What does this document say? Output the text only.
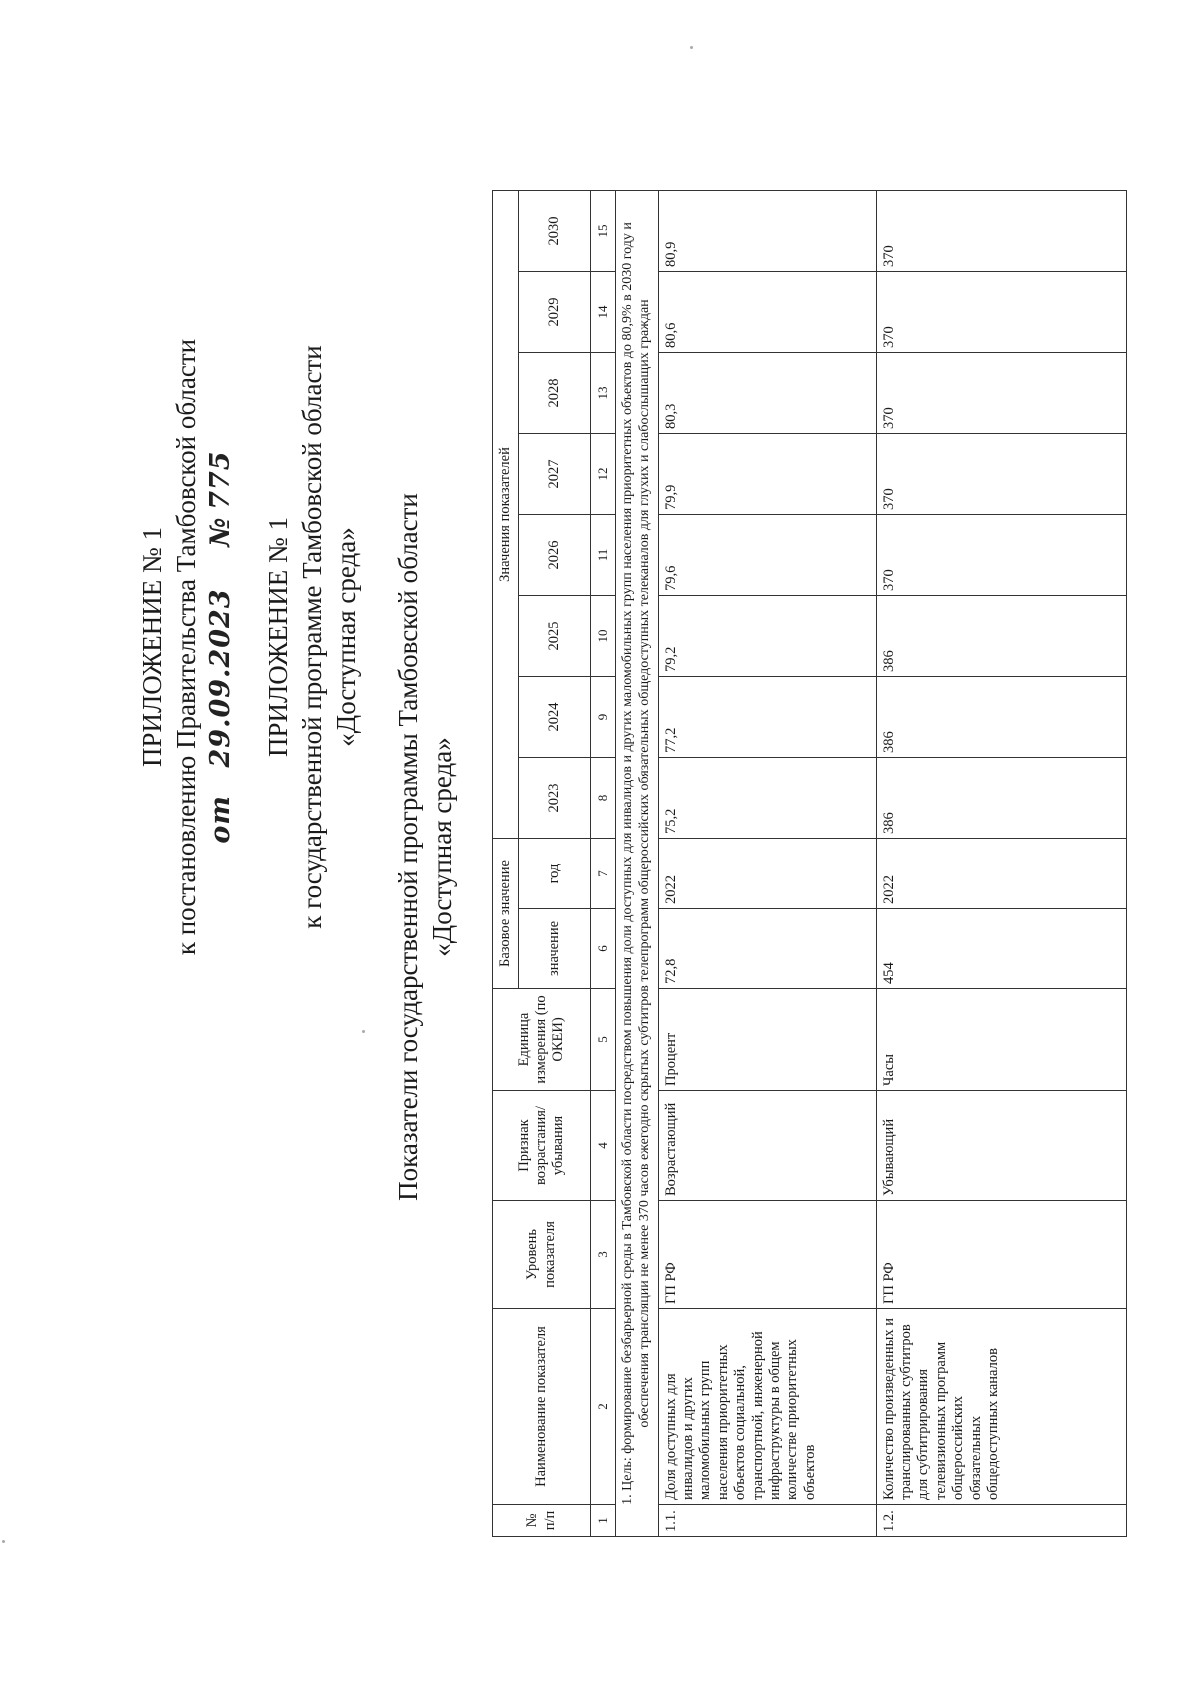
ПРИЛОЖЕНИЕ № 1 к постановлению Правительства Тамбовской области от  29.09.2023  № 775
ПРИЛОЖЕНИЕ № 1 к государственной программе Тамбовской области «Доступная среда» Показатели государственной программы Тамбовской области «Доступная среда»
№ п/п	Наименование показателя	Уровень показателя	Признак возрастания/ убывания	Единица измерения (по ОКЕИ)	Базовое значение		Значения показателей							
					значение	год	2023	2024	2025	2026	2027	2028	2029	2030
1	2	3	4	5	6	7	8	9	10	11	12	13	14	15
1. Цель: формирование безбарьерной среды в Тамбовской области посредством повышения доли доступных для инвалидов и других маломобильных групп населения приоритетных объектов до 80,9% в 2030 году и обеспечения трансляции не менее 370 часов ежегодно скрытых субтитров телепрограмм общероссийских обязательных общедоступных телеканалов для глухих и слабослышащих граждан														
1.1.	Доля доступных для инвалидов и других маломобильных групп населения приоритетных объектов социальной, транспортной, инженерной инфраструктуры в общем количестве приоритетных объектов	ГП РФ	Возрастающий	Процент	72,8	2022	75,2	77,2	79,2	79,6	79,9	80,3	80,6	80,9
1.2.	Количество произведенных и транслированных субтитров для субтитрирования телевизионных программ общероссийских обязательных общедоступных каналов	ГП РФ	Убывающий	Часы	454	2022	386	386	386	370	370	370	370	370
